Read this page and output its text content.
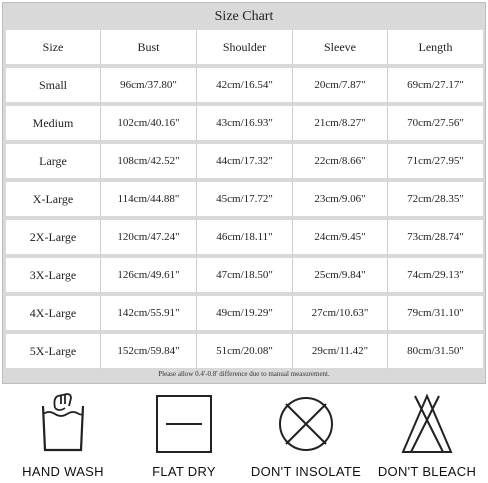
Size Chart
Size	Bust	Shoulder	Sleeve	Length
Small	96cm/37.80"	42cm/16.54"	20cm/7.87"	69cm/27.17"
Medium	102cm/40.16"	43cm/16.93"	21cm/8.27"	70cm/27.56"
Large	108cm/42.52"	44cm/17.32"	22cm/8.66"	71cm/27.95"
X-Large	114cm/44.88"	45cm/17.72"	23cm/9.06"	72cm/28.35"
2X-Large	120cm/47.24"	46cm/18.11"	24cm/9.45"	73cm/28.74"
3X-Large	126cm/49.61"	47cm/18.50"	25cm/9.84"	74cm/29.13"
4X-Large	142cm/55.91"	49cm/19.29"	27cm/10.63"	79cm/31.10"
5X-Large	152cm/59.84"	51cm/20.08"	29cm/11.42"	80cm/31.50"
Please allow 0.4'-0.8' difference due to manual measurement.
HAND WASH	FLAT DRY	DON'T INSOLATE DON'T BLEACH
